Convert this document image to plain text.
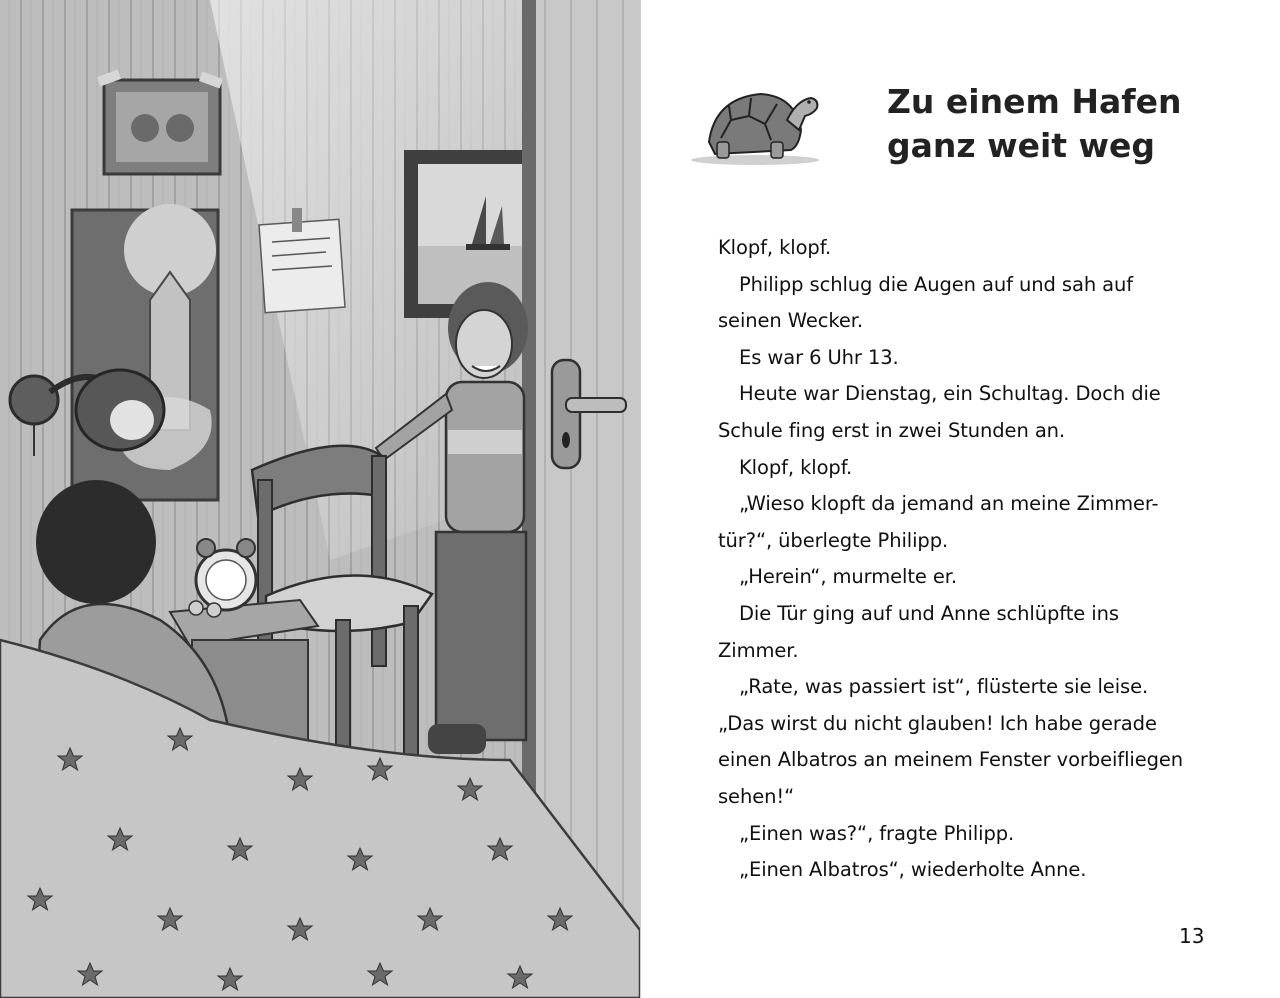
Zu einem Hafen
ganz weit weg

Klopf, klopf.

Philipp schlug die Augen auf und sah auf

seinen Wecker.

Es war 6 Uhr 13.

Heute war Dienstag, ein Schultag. Doch die

Schule fing erst in zwei Stunden an.

Klopf, klopf.

„Wieso klopft da jemand an meine Zimmer-

tür?“, überlegte Philipp.

„Herein“, murmelte er.

Die Tür ging auf und Anne schlüpfte ins

Zimmer.

„Rate, was passiert ist“, flüsterte sie leise.

„Das wirst du nicht glauben! Ich habe gerade

einen Albatros an meinem Fenster vorbeifliegen

sehen!“

„Einen was?“, fragte Philipp.

„Einen Albatros“, wiederholte Anne.

13
